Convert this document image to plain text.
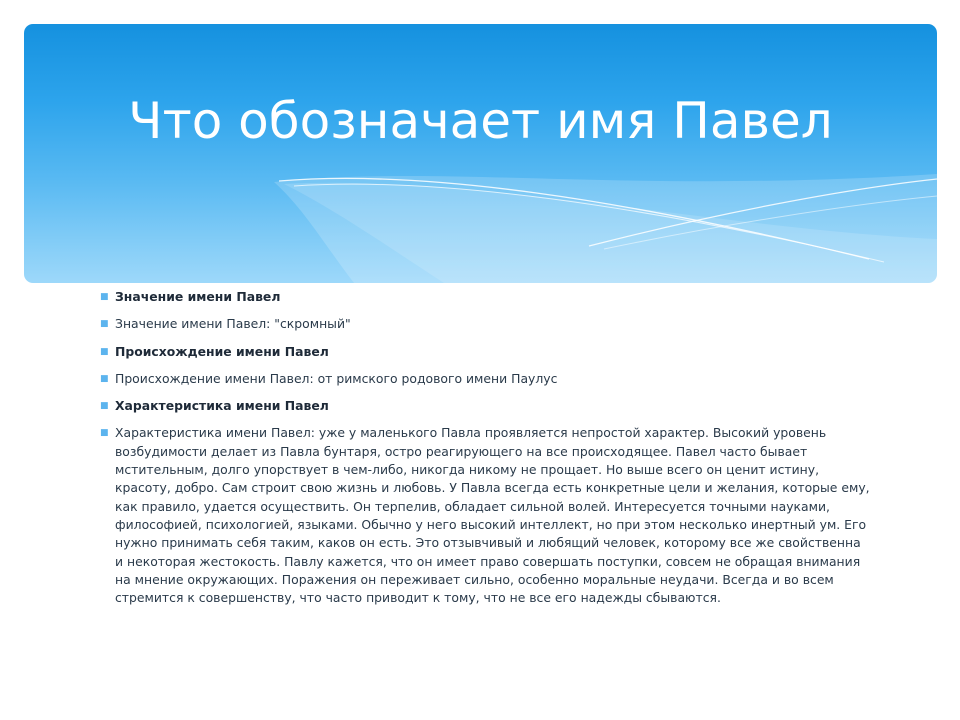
Что обозначает имя Павел
■ Значение имени Павел
■ Значение имени Павел: "скромный"
■ Происхождение имени Павел
■ Происхождение имени Павел: от римского родового имени Паулус
■ Характеристика имени Павел
■ Характеристика имени Павел: уже у маленького Павла проявляется непростой характер. Высокий уровень возбудимости делает из Павла бунтаря, остро реагирующего на все происходящее. Павел часто бывает мстительным, долго упорствует в чем-либо, никогда никому не прощает. Но выше всего он ценит истину, красоту, добро. Сам строит свою жизнь и любовь. У Павла всегда есть конкретные цели и желания, которые ему, как правило, удается осуществить. Он терпелив, обладает сильной волей. Интересуется точными науками, философией, психологией, языками. Обычно у него высокий интеллект, но при этом несколько инертный ум. Его нужно принимать себя таким, каков он есть. Это отзывчивый и любящий человек, которому все же свойственна и некоторая жестокость. Павлу кажется, что он имеет право совершать поступки, совсем не обращая внимания на мнение окружающих. Поражения он переживает сильно, особенно моральные неудачи. Всегда и во всем стремится к совершенству, что часто приводит к тому, что не все его надежды сбываются.
